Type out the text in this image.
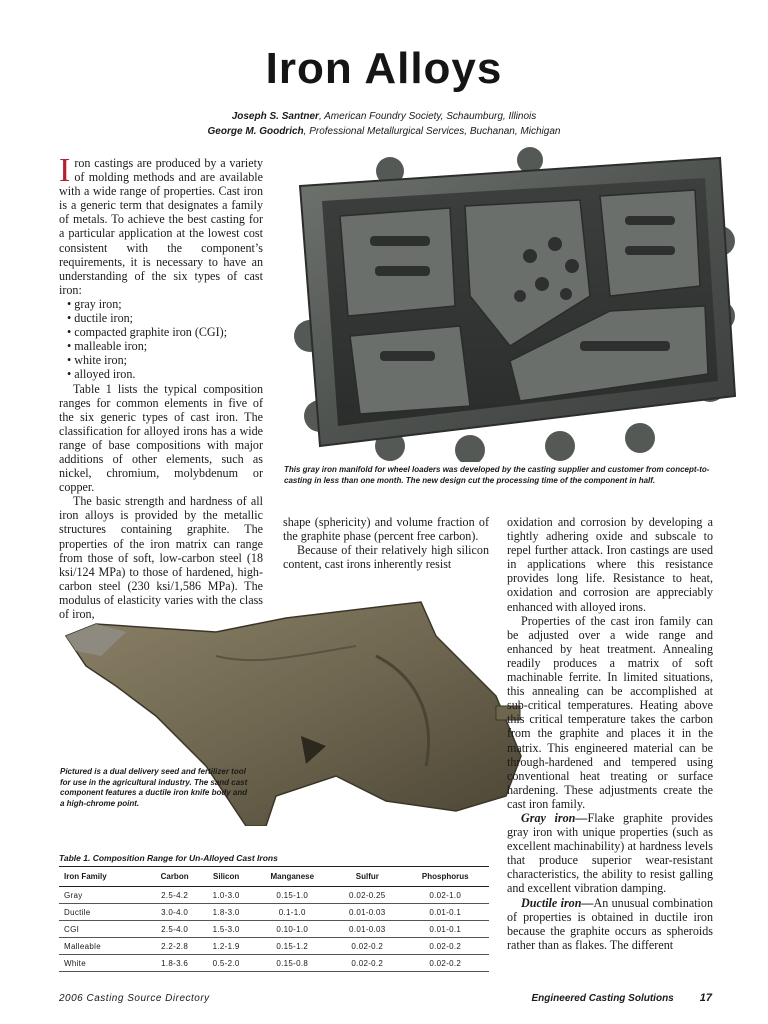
Iron Alloys
Joseph S. Santner, American Foundry Society, Schaumburg, Illinois
George M. Goodrich, Professional Metallurgical Services, Buchanan, Michigan

Iron castings are produced by a variety of molding methods and are available with a wide range of properties. Cast iron is a generic term that designates a family of metals. To achieve the best casting for a particular application at the lowest cost consistent with the component’s requirements, it is necessary to have an understanding of the six types of cast iron:

• gray iron;
• ductile iron;
• compacted graphite iron (CGI);
• malleable iron;
• white iron;
• alloyed iron.

Table 1 lists the typical composition ranges for common elements in five of the six generic types of cast iron. The classification for alloyed irons has a wide range of base compositions with major additions of other elements, such as nickel, chromium, molybdenum or copper.

The basic strength and hardness of all iron alloys is provided by the metallic structures containing graphite. The properties of the iron matrix can range from those of soft, low-carbon steel (18 ksi/124 MPa) to those of hardened, high-carbon steel (230 ksi/1,586 MPa). The modulus of elasticity varies with the class of iron,

This gray iron manifold for wheel loaders was developed by the casting supplier and customer from concept-to-casting in less than one month. The new design cut the processing time of the component in half.
Pictured is a dual delivery seed and fertilizer tool for use in the agricultural industry. The sand cast component features a ductile iron knife body and a high-chrome point.

shape (sphericity) and volume fraction of the graphite phase (percent free carbon).

Because of their relatively high silicon content, cast irons inherently resist

oxidation and corrosion by developing a tightly adhering oxide and subscale to repel further attack. Iron castings are used in applications where this resistance provides long life. Resistance to heat, oxidation and corrosion are appreciably enhanced with alloyed irons.

Properties of the cast iron family can be adjusted over a wide range and enhanced by heat treatment. Annealing readily produces a matrix of soft machinable ferrite. In limited situations, this annealing can be accomplished at sub-critical temperatures. Heating above this critical temperature takes the carbon from the graphite and places it in the matrix. This engineered material can be through-hardened and tempered using conventional heat treating or surface hardening. These adjustments create the cast iron family.

Gray iron—Flake graphite provides gray iron with unique properties (such as excellent machinability) at hardness levels that produce superior wear-resistant characteristics, the ability to resist galling and excellent vibration damping.

Ductile iron—An unusual combination of properties is obtained in ductile iron because the graphite occurs as spheroids rather than as flakes. The different

Table 1. Composition Range for Un-Alloyed Cast Irons
Iron Family	Carbon	Silicon	Manganese	Sulfur	Phosphorus
Gray	2.5-4.2	1.0-3.0	0.15-1.0	0.02-0.25	0.02-1.0
Ductile	3.0-4.0	1.8-3.0	0.1-1.0	0.01-0.03	0.01-0.1
CGI	2.5-4.0	1.5-3.0	0.10-1.0	0.01-0.03	0.01-0.1
Malleable	2.2-2.8	1.2-1.9	0.15-1.2	0.02-0.2	0.02-0.2
White	1.8-3.6	0.5-2.0	0.15-0.8	0.02-0.2	0.02-0.2
2006 Casting Source Directory	Engineered Casting Solutions 17
